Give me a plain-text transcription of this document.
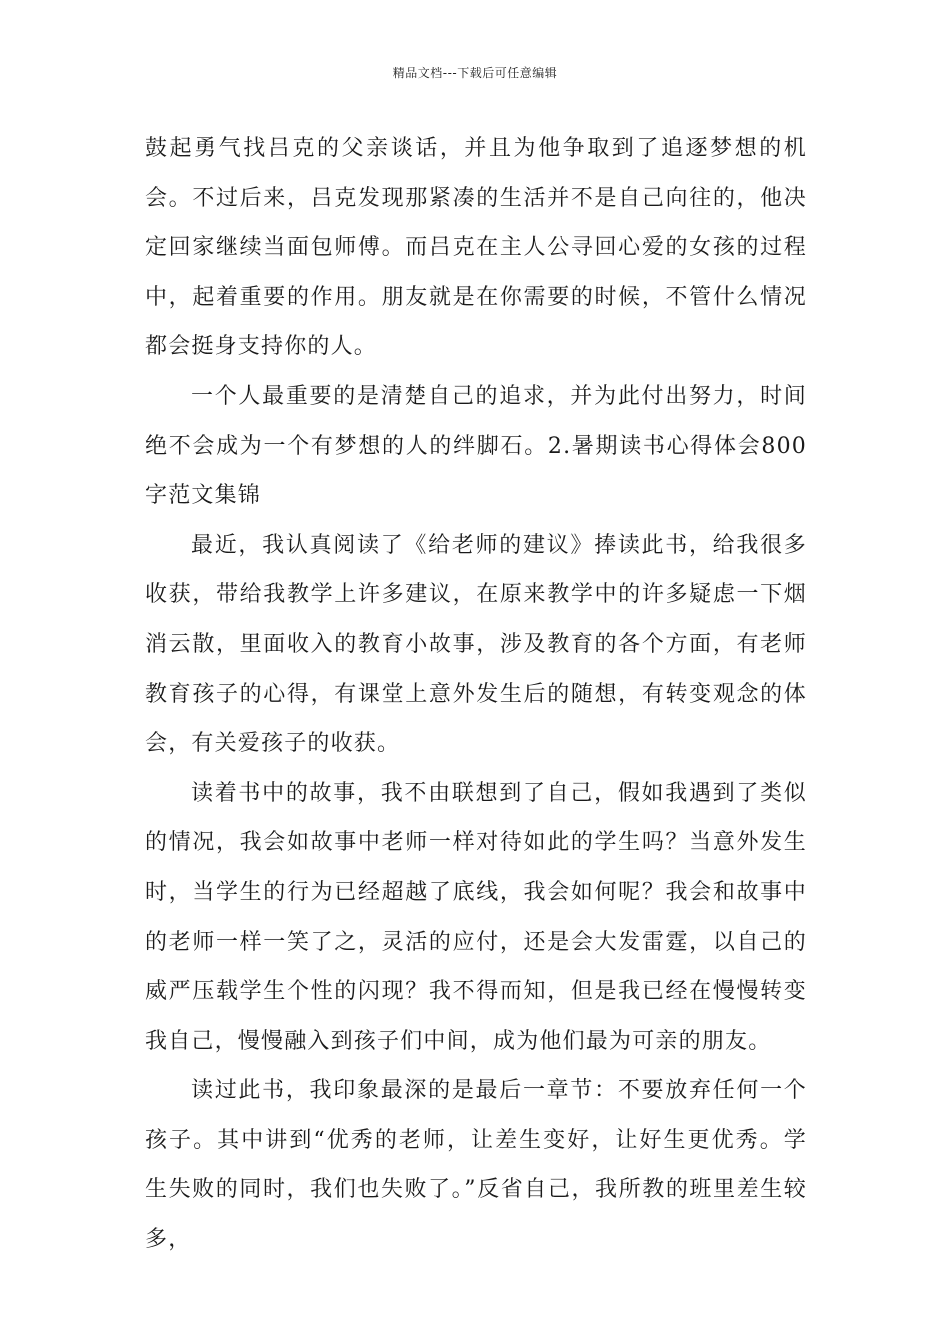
精品文档---下载后可任意编辑

鼓起勇气找吕克的父亲谈话，并且为他争取到了追逐梦想的机会。不过后来，吕克发现那紧凑的生活并不是自己向往的，他决定回家继续当面包师傅。而吕克在主人公寻回心爱的女孩的过程中，起着重要的作用。朋友就是在你需要的时候，不管什么情况都会挺身支持你的人。

一个人最重要的是清楚自己的追求，并为此付出努力，时间绝不会成为一个有梦想的人的绊脚石。2.暑期读书心得体会800字范文集锦

最近，我认真阅读了《给老师的建议》捧读此书，给我很多收获，带给我教学上许多建议，在原来教学中的许多疑虑一下烟消云散，里面收入的教育小故事，涉及教育的各个方面，有老师教育孩子的心得，有课堂上意外发生后的随想，有转变观念的体会，有关爱孩子的收获。

读着书中的故事，我不由联想到了自己，假如我遇到了类似的情况，我会如故事中老师一样对待如此的学生吗？当意外发生时，当学生的行为已经超越了底线，我会如何呢？我会和故事中的老师一样一笑了之，灵活的应付，还是会大发雷霆，以自己的威严压载学生个性的闪现？我不得而知，但是我已经在慢慢转变我自己，慢慢融入到孩子们中间，成为他们最为可亲的朋友。

读过此书，我印象最深的是最后一章节：不要放弃任何一个孩子。其中讲到“优秀的老师，让差生变好，让好生更优秀。学生失败的同时，我们也失败了。”反省自己，我所教的班里差生较多，
